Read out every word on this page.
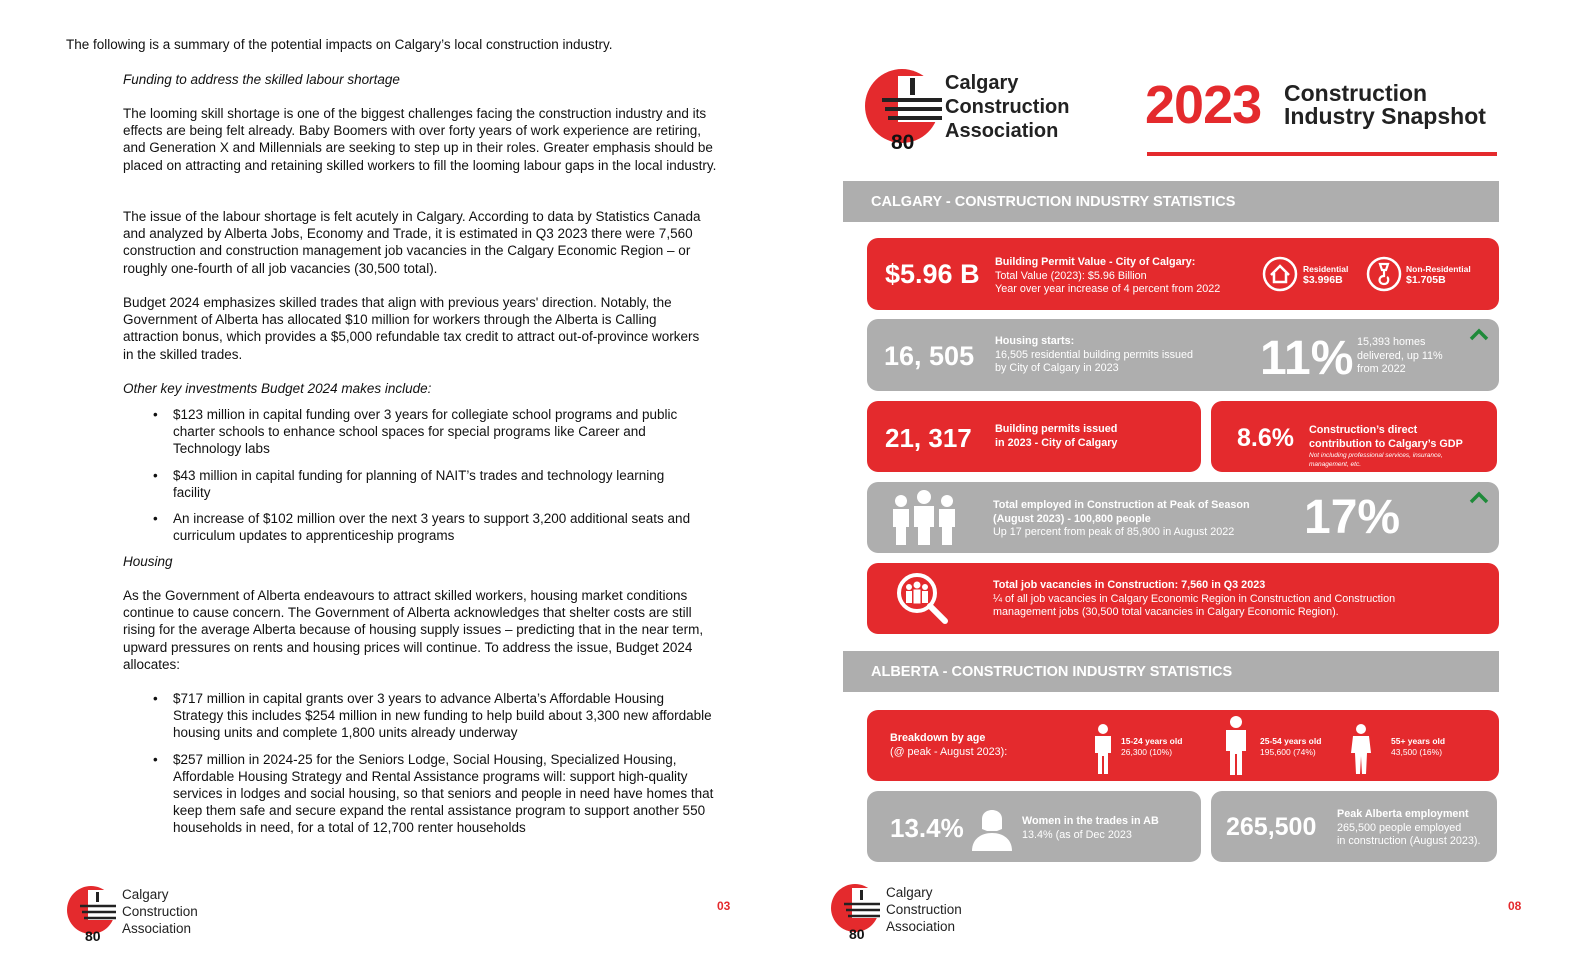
The following is a summary of the potential impacts on Calgary’s local construction industry.
Funding to address the skilled labour shortage
The looming skill shortage is one of the biggest challenges facing the construction industry and its effects are being felt already. Baby Boomers with over forty years of work experience are retiring, and Generation X and Millennials are seeking to step up in their roles. Greater emphasis should be placed on attracting and retaining skilled workers to fill the looming labour gaps in the local industry.
The issue of the labour shortage is felt acutely in Calgary. According to data by Statistics Canada and analyzed by Alberta Jobs, Economy and Trade, it is estimated in Q3 2023 there were 7,560 construction and construction management job vacancies in the Calgary Economic Region – or roughly one-fourth of all job vacancies (30,500 total).
Budget 2024 emphasizes skilled trades that align with previous years' direction. Notably, the Government of Alberta has allocated $10 million for workers through the Alberta is Calling attraction bonus, which provides a $5,000 refundable tax credit to attract out-of-province workers in the skilled trades.
Other key investments Budget 2024 makes include:
• $123 million in capital funding over 3 years for collegiate school programs and public charter schools to enhance school spaces for special programs like Career and Technology labs
• $43 million in capital funding for planning of NAIT’s trades and technology learning facility
• An increase of $102 million over the next 3 years to support 3,200 additional seats and curriculum updates to apprenticeship programs
Housing
As the Government of Alberta endeavours to attract skilled workers, housing market conditions continue to cause concern. The Government of Alberta acknowledges that shelter costs are still rising for the average Alberta because of housing supply issues – predicting that in the near term, upward pressures on rents and housing prices will continue. To address the issue, Budget 2024 allocates:
• $717 million in capital grants over 3 years to advance Alberta’s Affordable Housing Strategy this includes $254 million in new funding to help build about 3,300 new affordable housing units and complete 1,800 units already underway
• $257 million in 2024-25 for the Seniors Lodge, Social Housing, Specialized Housing, Affordable Housing Strategy and Rental Assistance programs will: support high-quality services in lodges and social housing, so that seniors and people in need have homes that keep them safe and secure expand the rental assistance program to support another 550 households in need, for a total of 12,700 renter households
80
Calgary
Construction
Association
03
80
Calgary
Construction
Association 2023 Construction
Industry Snapshot
CALGARY - CONSTRUCTION INDUSTRY STATISTICS
$5.96 B Building Permit Value - City of Calgary:
Total Value (2023): $5.96 Billion
Year over year increase of 4 percent from 2022
Residential
$3.996B
Non-Residential
$1.705B
16, 505 Housing starts:
16,505 residential building permits issued
by City of Calgary in 2023	11% 15,393 homes
delivered, up 11%
from 2022
21, 317 Building permits issued
in 2023 - City of Calgary	8.6% Construction’s direct
contribution to Calgary’s GDP
Not including professional services, insurance,
management, etc.
Total employed in Construction at Peak of Season
(August 2023) - 100,800 people
Up 17 percent from peak of 85,900 in August 2022	17%
Total job vacancies in Construction: 7,560 in Q3 2023
¼ of all job vacancies in Calgary Economic Region in Construction and Construction
management jobs (30,500 total vacancies in Calgary Economic Region).
ALBERTA - CONSTRUCTION INDUSTRY STATISTICS
Breakdown by age
(@ peak - August 2023):
15-24 years old
26,300 (10%)
25-54 years old
195,600 (74%)
55+ years old
43,500 (16%)
13.4%	Women in the trades in AB
13.4% (as of Dec 2023	265,500 Peak Alberta employment
265,500 people employed
in construction (August 2023).
80
Calgary
Construction
Association
08
